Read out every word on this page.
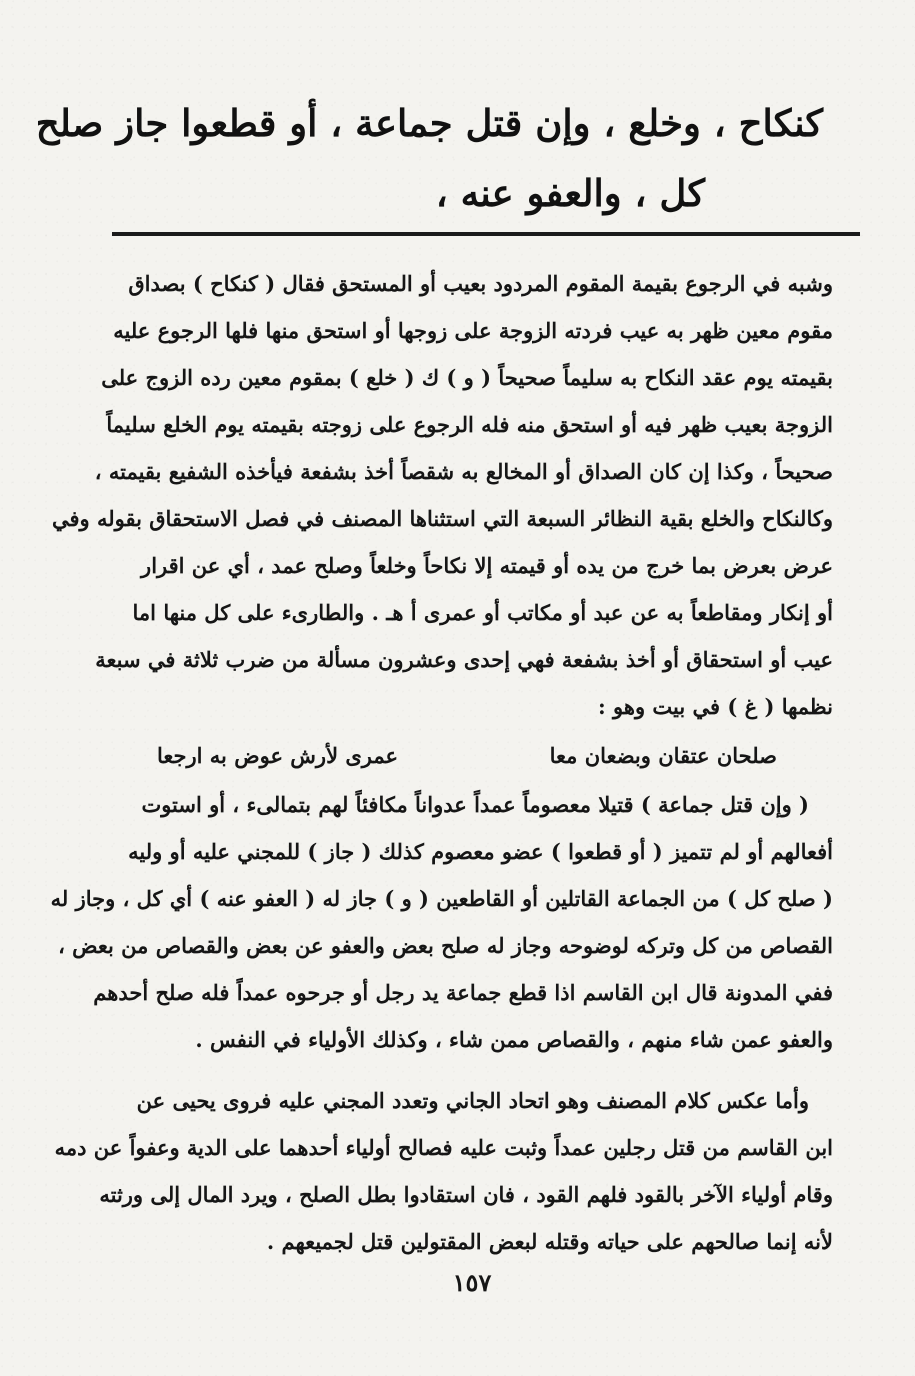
كنكاح ، وخلع ، وإن قتل جماعة ، أو قطعوا جاز صلح
كل ، والعفو عنه ،
وشبه في الرجوع بقيمة المقوم المردود بعيب أو المستحق فقال ( كنكاح ) بصداق
مقوم معين ظهر به عيب فردته الزوجة على زوجها أو استحق منها فلها الرجوع عليه
بقيمته يوم عقد النكاح به سليماً صحيحاً ( و ) ك ( خلع ) بمقوم معين رده الزوج على
الزوجة بعيب ظهر فيه أو استحق منه فله الرجوع على زوجته بقيمته يوم الخلع سليماً
صحيحاً ، وكذا إن كان الصداق أو المخالع به شقصاً أخذ بشفعة فيأخذه الشفيع بقيمته ،
وكالنكاح والخلع بقية النظائر السبعة التي استثناها المصنف في فصل الاستحقاق بقوله وفي
عرض بعرض بما خرج من يده أو قيمته إلا نكاحاً وخلعاً وصلح عمد ، أي عن اقرار
أو إنكار ومقاطعاً به عن عبد أو مكاتب أو عمرى أ هـ . والطارىء على كل منها اما
عيب أو استحقاق أو أخذ بشفعة فهي إحدى وعشرون مسألة من ضرب ثلاثة في سبعة
نظمها ( غ ) في بيت وهو :
صلحان عتقان وبضعان معا
عمرى لأرش عوض به ارجعا
( وإن قتل جماعة ) قتيلا معصوماً عمداً عدواناً مكافئاً لهم بتمالىء ، أو استوت
أفعالهم أو لم تتميز ( أو قطعوا ) عضو معصوم كذلك ( جاز ) للمجني عليه أو وليه
( صلح كل ) من الجماعة القاتلين أو القاطعين ( و ) جاز له ( العفو عنه ) أي كل ، وجاز له
القصاص من كل وتركه لوضوحه وجاز له صلح بعض والعفو عن بعض والقصاص من بعض ،
ففي المدونة قال ابن القاسم اذا قطع جماعة يد رجل أو جرحوه عمداً فله صلح أحدهم
والعفو عمن شاء منهم ، والقصاص ممن شاء ، وكذلك الأولياء في النفس .
وأما عكس كلام المصنف وهو اتحاد الجاني وتعدد المجني عليه فروى يحيى عن
ابن القاسم من قتل رجلين عمداً وثبت عليه فصالح أولياء أحدهما على الدية وعفواً عن دمه
وقام أولياء الآخر بالقود فلهم القود ، فان استقادوا بطل الصلح ، ويرد المال إلى ورثته
لأنه إنما صالحهم على حياته وقتله لبعض المقتولين قتل لجميعهم .
١٥٧
